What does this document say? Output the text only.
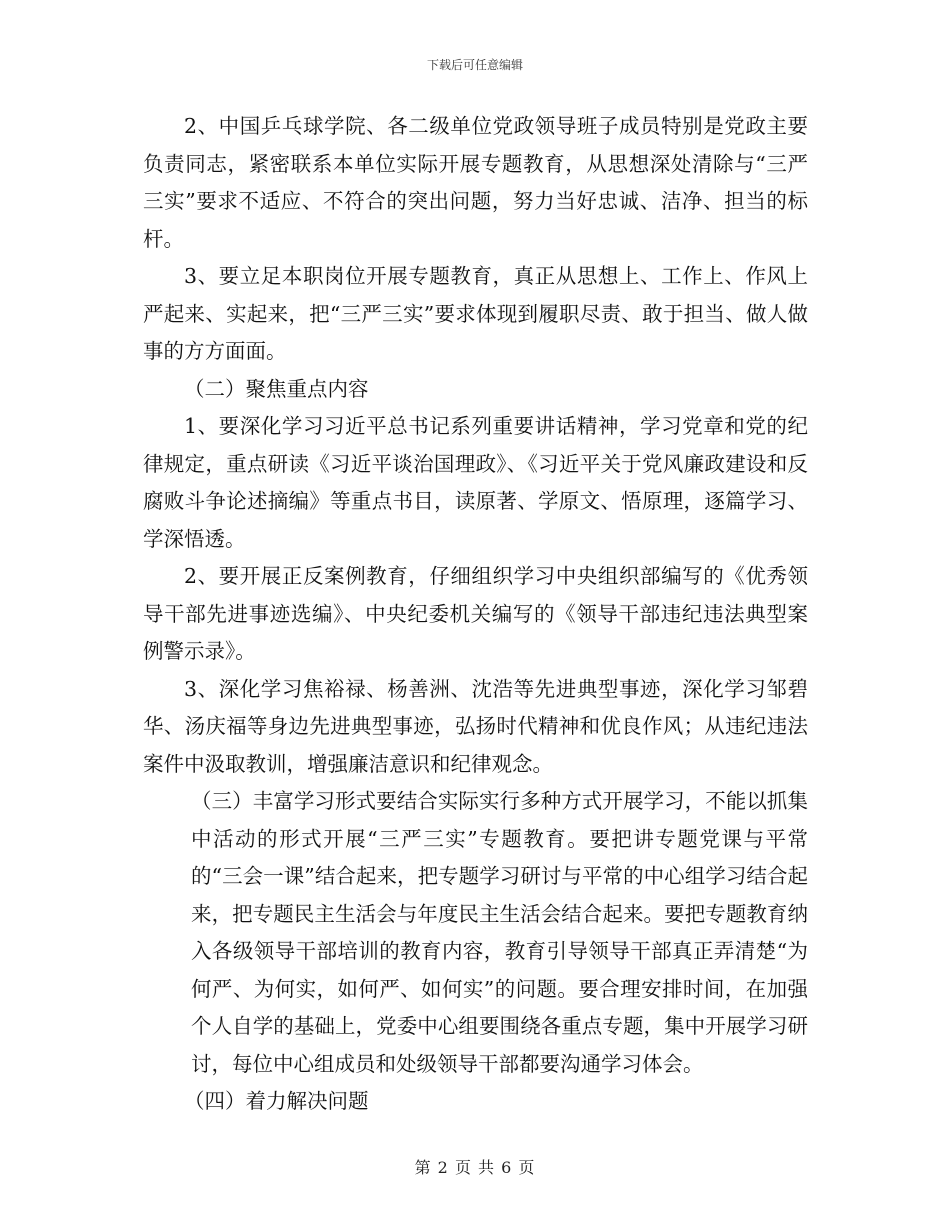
下载后可任意编辑

2、中国乒乓球学院、各二级单位党政领导班子成员特别是党政主要负责同志，紧密联系本单位实际开展专题教育，从思想深处清除与“三严三实”要求不适应、不符合的突出问题，努力当好忠诚、洁净、担当的标杆。

3、要立足本职岗位开展专题教育，真正从思想上、工作上、作风上严起来、实起来，把“三严三实”要求体现到履职尽责、敢于担当、做人做事的方方面面。

（二）聚焦重点内容

1、要深化学习习近平总书记系列重要讲话精神，学习党章和党的纪律规定，重点研读《习近平谈治国理政》、《习近平关于党风廉政建设和反腐败斗争论述摘编》等重点书目，读原著、学原文、悟原理，逐篇学习、学深悟透。

2、要开展正反案例教育，仔细组织学习中央组织部编写的《优秀领导干部先进事迹选编》、中央纪委机关编写的《领导干部违纪违法典型案例警示录》。

3、深化学习焦裕禄、杨善洲、沈浩等先进典型事迹，深化学习邹碧华、汤庆福等身边先进典型事迹，弘扬时代精神和优良作风；从违纪违法案件中汲取教训，增强廉洁意识和纪律观念。

（三）丰富学习形式要结合实际实行多种方式开展学习，不能以抓集中活动的形式开展“三严三实”专题教育。要把讲专题党课与平常的“三会一课”结合起来，把专题学习研讨与平常的中心组学习结合起来，把专题民主生活会与年度民主生活会结合起来。要把专题教育纳入各级领导干部培训的教育内容，教育引导领导干部真正弄清楚“为何严、为何实，如何严、如何实”的问题。要合理安排时间，在加强个人自学的基础上，党委中心组要围绕各重点专题，集中开展学习研讨，每位中心组成员和处级领导干部都要沟通学习体会。

（四）着力解决问题

第 2 页 共 6 页
